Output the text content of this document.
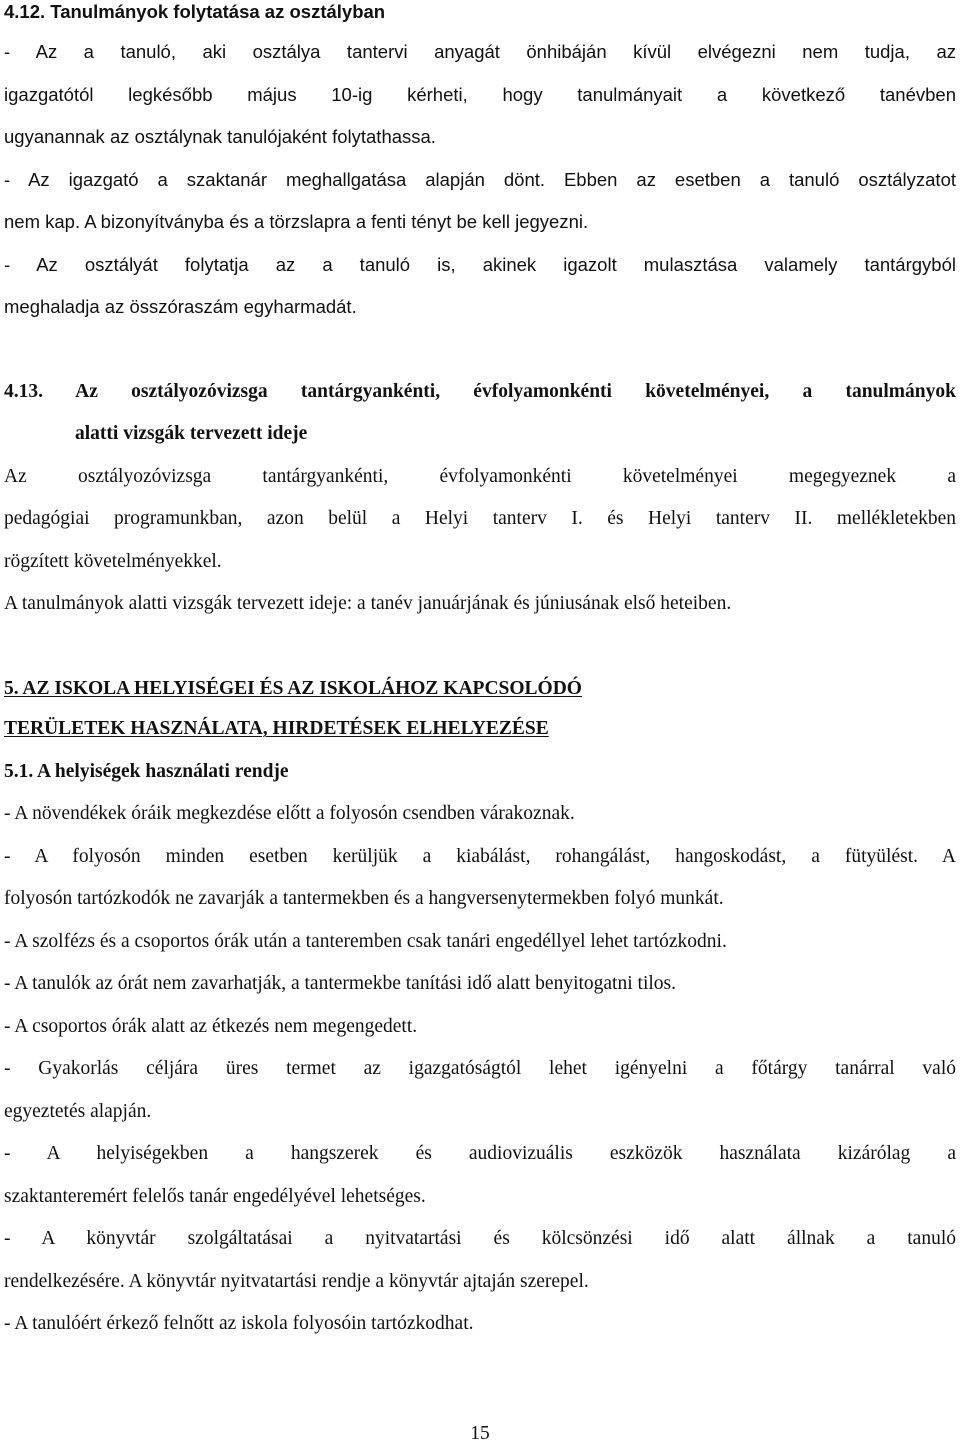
4.12. Tanulmányok folytatása az osztályban
- Az a tanuló, aki osztálya tantervi anyagát önhibáján kívül elvégezni nem tudja, az
igazgatótól legkésőbb május 10-ig kérheti, hogy tanulmányait a következő tanévben
ugyanannak az osztálynak tanulójaként folytathassa.
- Az igazgató a szaktanár meghallgatása alapján dönt. Ebben az esetben a tanuló osztályzatot
nem kap. A bizonyítványba és a törzslapra a fenti tényt be kell jegyezni.
- Az osztályát folytatja az a tanuló is, akinek igazolt mulasztása valamely tantárgyból
meghaladja az összóraszám egyharmadát.
4.13. Az osztályozóvizsga tantárgyankénti, évfolyamonkénti követelményei, a tanulmányok
alatti vizsgák tervezett ideje
Az osztályozóvizsga tantárgyankénti, évfolyamonkénti követelményei megegyeznek a
pedagógiai programunkban, azon belül a Helyi tanterv I. és Helyi tanterv II. mellékletekben
rögzített követelményekkel.
A tanulmányok alatti vizsgák tervezett ideje: a tanév januárjának és júniusának első heteiben.
5. AZ ISKOLA HELYISÉGEI ÉS AZ ISKOLÁHOZ KAPCSOLÓDÓ
TERÜLETEK HASZNÁLATA, HIRDETÉSEK ELHELYEZÉSE
5.1. A helyiségek használati rendje
- A növendékek óráik megkezdése előtt a folyosón csendben várakoznak.
- A folyosón minden esetben kerüljük a kiabálást, rohangálást, hangoskodást, a fütyülést. A
folyosón tartózkodók ne zavarják a tantermekben és a hangversenytermekben folyó munkát.
- A szolfézs és a csoportos órák után a tanteremben csak tanári engedéllyel lehet tartózkodni.
- A tanulók az órát nem zavarhatják, a tantermekbe tanítási idő alatt benyitogatni tilos.
- A csoportos órák alatt az étkezés nem megengedett.
- Gyakorlás céljára üres termet az igazgatóságtól lehet igényelni a főtárgy tanárral való
egyeztetés alapján.
- A helyiségekben a hangszerek és audiovizuális eszközök használata kizárólag a
szaktanteremért felelős tanár engedélyével lehetséges.
- A könyvtár szolgáltatásai a nyitvatartási és kölcsönzési idő alatt állnak a tanuló
rendelkezésére. A könyvtár nyitvatartási rendje a könyvtár ajtaján szerepel.
- A tanulóért érkező felnőtt az iskola folyosóin tartózkodhat.
15
